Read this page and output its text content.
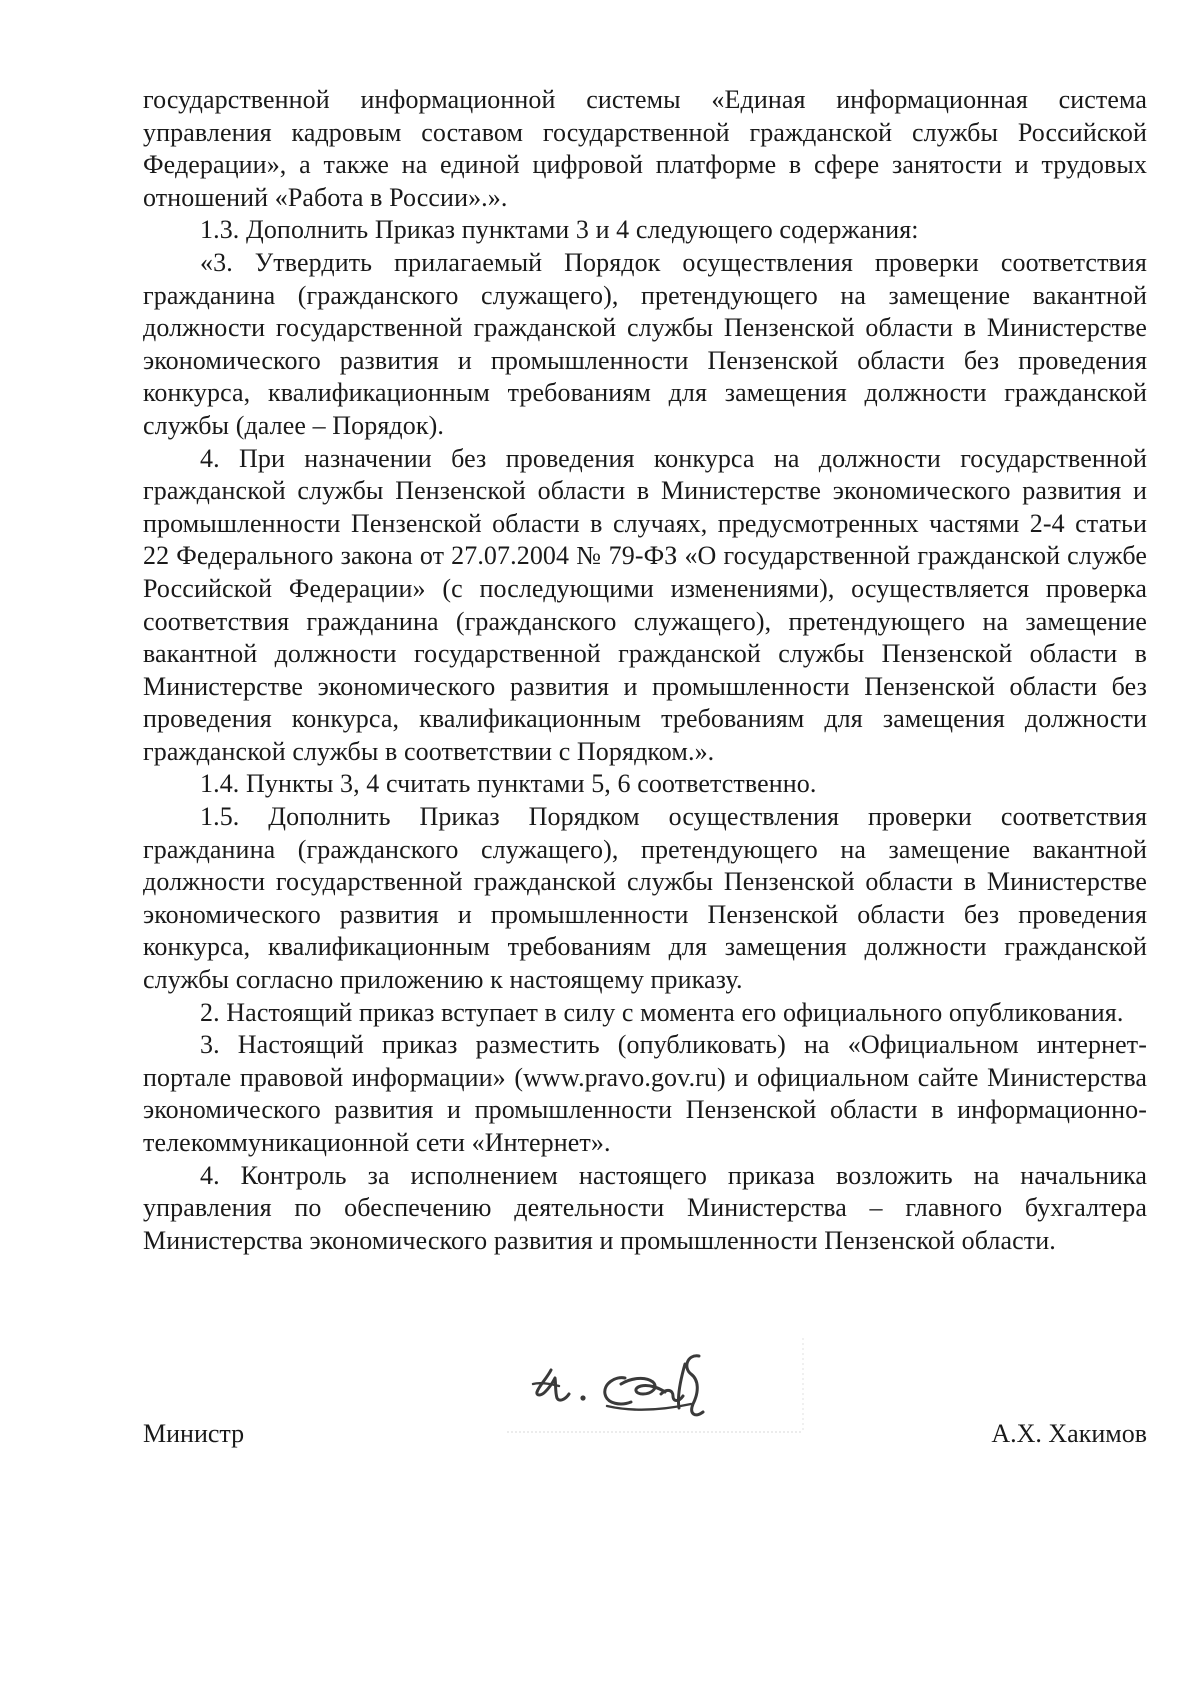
государственной информационной системы «Единая информационная система управления кадровым составом государственной гражданской службы Российской Федерации», а также на единой цифровой платформе в сфере занятости и трудовых отношений «Работа в России».».

1.3. Дополнить Приказ пунктами 3 и 4 следующего содержания:

«3. Утвердить прилагаемый Порядок осуществления проверки соответствия гражданина (гражданского служащего), претендующего на замещение вакантной должности государственной гражданской службы Пензенской области в Министерстве экономического развития и промышленности Пензенской области без проведения конкурса, квалификационным требованиям для замещения должности гражданской службы (далее – Порядок).

4. При назначении без проведения конкурса на должности государственной гражданской службы Пензенской области в Министерстве экономического развития и промышленности Пензенской области в случаях, предусмотренных частями 2-4 статьи 22 Федерального закона от 27.07.2004 № 79-ФЗ «О государственной гражданской службе Российской Федерации» (с последующими изменениями), осуществляется проверка соответствия гражданина (гражданского служащего), претендующего на замещение вакантной должности государственной гражданской службы Пензенской области в Министерстве экономического развития и промышленности Пензенской области без проведения конкурса, квалификационным требованиям для замещения должности гражданской службы в соответствии с Порядком.».

1.4. Пункты 3, 4 считать пунктами 5, 6 соответственно.

1.5. Дополнить Приказ Порядком осуществления проверки соответствия гражданина (гражданского служащего), претендующего на замещение вакантной должности государственной гражданской службы Пензенской области в Министерстве экономического развития и промышленности Пензенской области без проведения конкурса, квалификационным требованиям для замещения должности гражданской службы согласно приложению к настоящему приказу.

2. Настоящий приказ вступает в силу с момента его официального опубликования.

3. Настоящий приказ разместить (опубликовать) на «Официальном интернет-портале правовой информации» (www.pravo.gov.ru) и официальном сайте Министерства экономического развития и промышленности Пензенской области в информационно-телекоммуникационной сети «Интернет».

4. Контроль за исполнением настоящего приказа возложить на начальника управления по обеспечению деятельности Министерства – главного бухгалтера Министерства экономического развития и промышленности Пензенской области.

Министр	А.Х. Хакимов
